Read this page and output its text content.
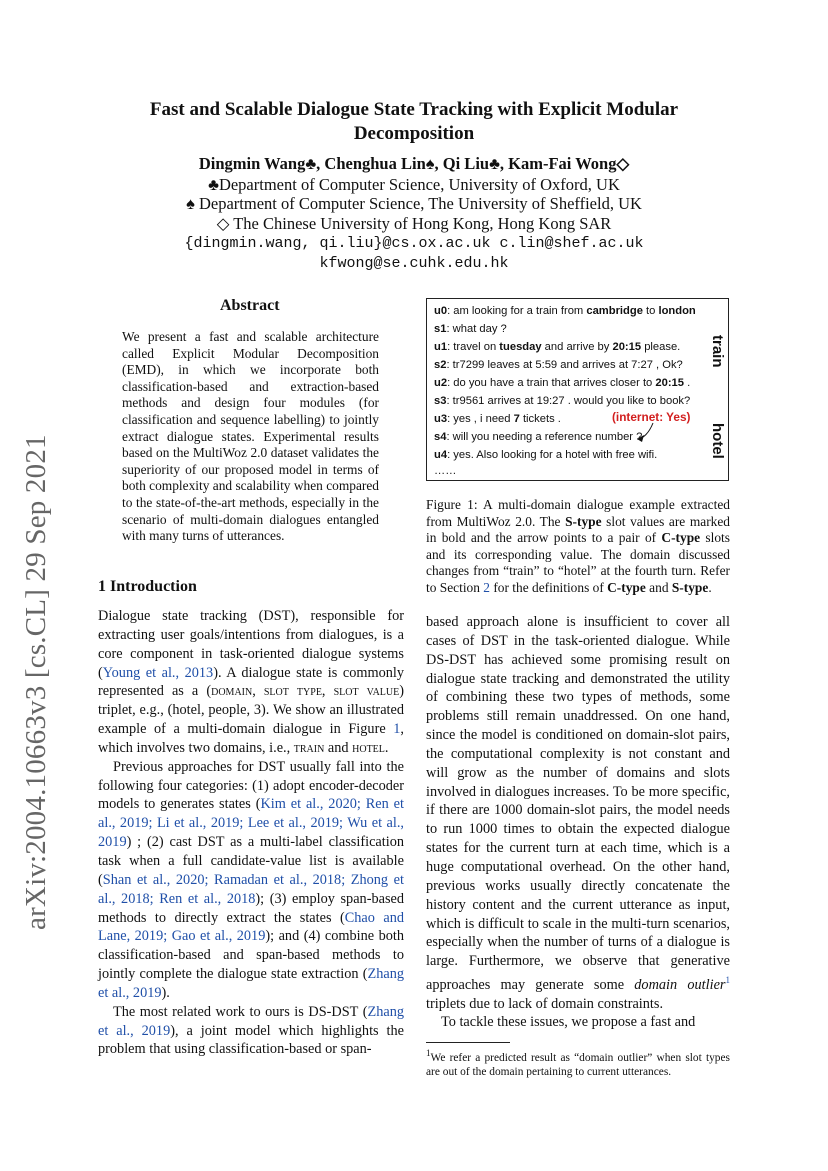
arXiv:2004.10663v3 [cs.CL] 29 Sep 2021
Fast and Scalable Dialogue State Tracking with Explicit Modular
Decomposition
Dingmin Wang♣, Chenghua Lin♠, Qi Liu♣, Kam-Fai Wong◇
♣Department of Computer Science, University of Oxford, UK
♠ Department of Computer Science, The University of Sheffield, UK
◇ The Chinese University of Hong Kong, Hong Kong SAR
{dingmin.wang, qi.liu}@cs.ox.ac.uk c.lin@shef.ac.uk
kfwong@se.cuhk.edu.hk
Abstract
We present a fast and scalable architecture called Explicit Modular Decomposition (EMD), in which we incorporate both classification-based and extraction-based methods and design four modules (for classification and sequence labelling) to jointly extract dialogue states. Experimental results based on the MultiWoz 2.0 dataset validates the superiority of our proposed model in terms of both complexity and scalability when compared to the state-of-the-art methods, especially in the scenario of multi-domain dialogues entangled with many turns of utterances.
1 Introduction

Dialogue state tracking (DST), responsible for extracting user goals/intentions from dialogues, is a core component in task-oriented dialogue systems (Young et al., 2013). A dialogue state is commonly represented as a (domain, slot type, slot value) triplet, e.g., (hotel, people, 3). We show an illustrated example of a multi-domain dialogue in Figure 1, which involves two domains, i.e., train and hotel.

Previous approaches for DST usually fall into the following four categories: (1) adopt encoder-decoder models to generates states (Kim et al., 2020; Ren et al., 2019; Li et al., 2019; Lee et al., 2019; Wu et al., 2019) ; (2) cast DST as a multi-label classification task when a full candidate-value list is available (Shan et al., 2020; Ramadan et al., 2018; Zhong et al., 2018; Ren et al., 2018); (3) employ span-based methods to directly extract the states (Chao and Lane, 2019; Gao et al., 2019); and (4) combine both classification-based and span-based methods to jointly complete the dialogue state extraction (Zhang et al., 2019).

The most related work to ours is DS-DST (Zhang et al., 2019), a joint model which highlights the problem that using classification-based or span-

u0: am looking for a train from cambridge to london
s1: what day ?
u1: travel on tuesday and arrive by 20:15 please.
s2: tr7299 leaves at 5:59 and arrives at 7:27 , Ok?
u2: do you have a train that arrives closer to 20:15 .
s3: tr9561 arrives at 19:27 . would you like to book?
u3: yes , i need 7 tickets .	(internet: Yes)
s4: will you needing a reference number ?
u4: yes. Also looking for a hotel with free wifi.
……
train
hotel
Figure 1: A multi-domain dialogue example extracted from MultiWoz 2.0. The S-type slot values are marked in bold and the arrow points to a pair of C-type slots and its corresponding value. The domain discussed changes from “train” to “hotel” at the fourth turn. Refer to Section 2 for the definitions of C-type and S-type.

based approach alone is insufficient to cover all cases of DST in the task-oriented dialogue. While DS-DST has achieved some promising result on dialogue state tracking and demonstrated the utility of combining these two types of methods, some problems still remain unaddressed. On one hand, since the model is conditioned on domain-slot pairs, the computational complexity is not constant and will grow as the number of domains and slots involved in dialogues increases. To be more specific, if there are 1000 domain-slot pairs, the model needs to run 1000 times to obtain the expected dialogue states for the current turn at each time, which is a huge computational overhead. On the other hand, previous works usually directly concatenate the history content and the current utterance as input, which is difficult to scale in the multi-turn scenarios, especially when the number of turns of a dialogue is large. Furthermore, we observe that generative approaches may generate some domain outlier$^1$ triplets due to lack of domain constraints.

To tackle these issues, we propose a fast and

$^1$We refer a predicted result as “domain outlier” when slot types are out of the domain pertaining to current utterances.
